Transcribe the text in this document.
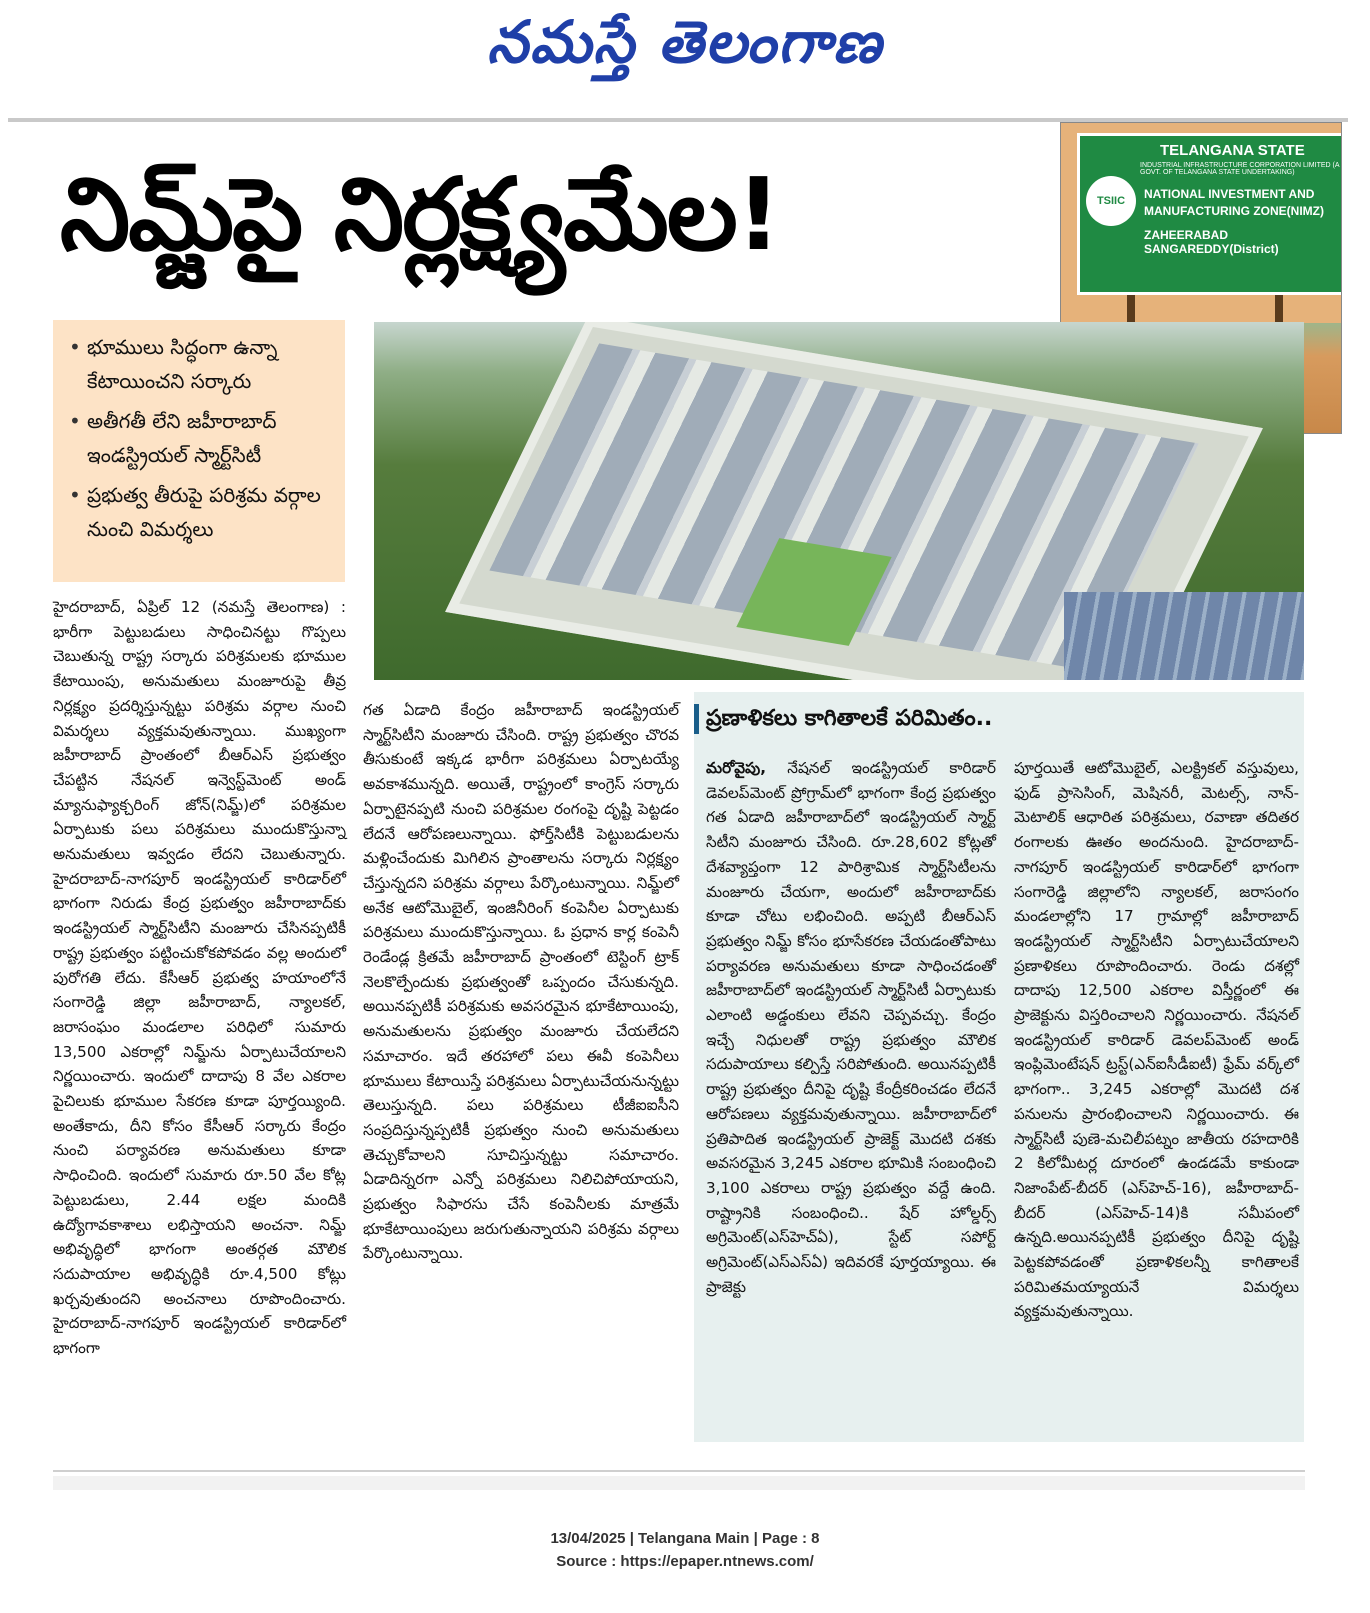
నమస్తే తెలంగాణ
నిమ్జ్‌పై నిర్లక్ష్యమేల!	TSIIC
TELANGANA STATE
INDUSTRIAL INFRASTRUCTURE CORPORATION LIMITED (A GOVT. OF TELANGANA STATE UNDERTAKING)
NATIONAL INVESTMENT AND MANUFACTURING ZONE(NIMZ)
ZAHEERABAD SANGAREDDY(District)
• భూములు సిద్ధంగా ఉన్నా కేటాయించని సర్కారు
• అతీగతీ లేని జహీరాబాద్ ఇండస్ట్రియల్ స్మార్ట్‌సిటీ
• ప్రభుత్వ తీరుపై పరిశ్రమ వర్గాల నుంచి విమర్శలు
హైదరాబాద్, ఏప్రిల్ 12 (నమస్తే తెలంగాణ) : భారీగా పెట్టుబడులు సాధించినట్టు గొప్పలు చెబుతున్న రాష్ట్ర సర్కారు పరిశ్రమలకు భూముల కేటాయింపు, అనుమతులు మంజూరుపై తీవ్ర నిర్లక్ష్యం ప్రదర్శిస్తున్నట్టు పరిశ్రమ వర్గాల నుంచి విమర్శలు వ్యక్తమవుతున్నాయి. ముఖ్యంగా జహీరాబాద్ ప్రాంతంలో బీఆర్‌ఎస్ ప్రభుత్వం చేపట్టిన నేషనల్ ఇన్వెస్ట్‌మెంట్ అండ్ మ్యానుఫ్యాక్చరింగ్ జోన్(నిమ్జ్)లో పరిశ్రమల ఏర్పాటుకు పలు పరిశ్రమలు ముందుకొస్తున్నా అనుమతులు ఇవ్వడం లేదని చెబుతున్నారు. హైదరాబాద్-నాగపూర్ ఇండస్ట్రియల్ కారిడార్‌లో భాగంగా నిరుడు కేంద్ర ప్రభుత్వం జహీరాబాద్‌కు ఇండస్ట్రియల్ స్మార్ట్‌సిటీని మంజూరు చేసినప్పటికీ రాష్ట్ర ప్రభుత్వం పట్టించుకోకపోవడం వల్ల అందులో పురోగతి లేదు. కేసీఆర్ ప్రభుత్వ హయాంలోనే సంగారెడ్డి జిల్లా జహీరాబాద్, న్యాలకల్, జరాసంఘం మండలాల పరిధిలో సుమారు 13,500 ఎకరాల్లో నిమ్జ్‌ను ఏర్పాటుచేయాలని నిర్ణయించారు. ఇందులో దాదాపు 8 వేల ఎకరాల పైచిలుకు భూముల సేకరణ కూడా పూర్తయ్యింది. అంతేకాదు, దీని కోసం కేసీఆర్ సర్కారు కేంద్రం నుంచి పర్యావరణ అనుమతులు కూడా సాధించింది. ఇందులో సుమారు రూ.50 వేల కోట్ల పెట్టుబడులు, 2.44 లక్షల మందికి ఉద్యోగావకాశాలు లభిస్తాయని అంచనా. నిమ్జ్ అభివృద్ధిలో భాగంగా అంతర్గత మౌలిక సదుపాయాల అభివృద్ధికి రూ.4,500 కోట్లు ఖర్చవుతుందని అంచనాలు రూపొందించారు. హైదరాబాద్-నాగపూర్ ఇండస్ట్రియల్ కారిడార్‌లో భాగంగా
గత ఏడాది కేంద్రం జహీరాబాద్ ఇండస్ట్రియల్ స్మార్ట్‌సిటీని మంజూరు చేసింది. రాష్ట్ర ప్రభుత్వం చొరవ తీసుకుంటే ఇక్కడ భారీగా పరిశ్రమలు ఏర్పాటయ్యే అవకాశమున్నది. అయితే, రాష్ట్రంలో కాంగ్రెస్ సర్కారు ఏర్పాటైనప్పటి నుంచి పరిశ్రమల రంగంపై దృష్టి పెట్టడం లేదనే ఆరోపణలున్నాయి. ఫోర్త్‌సిటీకి పెట్టుబడులను మళ్లించేందుకు మిగిలిన ప్రాంతాలను సర్కారు నిర్లక్ష్యం చేస్తున్నదని పరిశ్రమ వర్గాలు పేర్కొంటున్నాయి. నిమ్జ్‌లో అనేక ఆటోమొబైల్, ఇంజినీరింగ్ కంపెనీల ఏర్పాటుకు పరిశ్రమలు ముందుకొస్తున్నాయి. ఓ ప్రధాన కార్ల కంపెనీ రెండేండ్ల క్రితమే జహీరాబాద్ ప్రాంతంలో టెస్టింగ్ ట్రాక్ నెలకొల్పేందుకు ప్రభుత్వంతో ఒప్పందం చేసుకున్నది. అయినప్పటికీ పరిశ్రమకు అవసరమైన భూకేటాయింపు, అనుమతులను ప్రభుత్వం మంజూరు చేయలేదని సమాచారం. ఇదే తరహాలో పలు ఈవీ కంపెనీలు భూములు కేటాయిస్తే పరిశ్రమలు ఏర్పాటుచేయనున్నట్టు తెలుస్తున్నది. పలు పరిశ్రమలు టీజీఐఐసీని సంప్రదిస్తున్నప్పటికీ ప్రభుత్వం నుంచి అనుమతులు తెచ్చుకోవాలని సూచిస్తున్నట్టు సమాచారం. ఏడాదిన్నరగా ఎన్నో పరిశ్రమలు నిలిచిపోయాయని, ప్రభుత్వం సిఫారసు చేసే కంపెనీలకు మాత్రమే భూకేటాయింపులు జరుగుతున్నాయని పరిశ్రమ వర్గాలు పేర్కొంటున్నాయి.
ప్రణాళికలు కాగితాలకే పరిమితం..
మరోవైపు, నేషనల్ ఇండస్ట్రియల్ కారిడార్ డెవలప్‌మెంట్ ప్రోగ్రామ్‌లో భాగంగా కేంద్ర ప్రభుత్వం గత ఏడాది జహీరాబాద్‌లో ఇండస్ట్రియల్ స్మార్ట్ సిటీని మంజూరు చేసింది. రూ.28,602 కోట్లతో దేశవ్యాప్తంగా 12 పారిశ్రామిక స్మార్ట్‌సిటీలను మంజూరు చేయగా, అందులో జహీరాబాద్‌కు కూడా చోటు లభించింది. అప్పటి బీఆర్‌ఎస్ ప్రభుత్వం నిమ్జ్ కోసం భూసేకరణ చేయడంతోపాటు పర్యావరణ అనుమతులు కూడా సాధించడంతో జహీరాబాద్‌లో ఇండస్ట్రియల్ స్మార్ట్‌సిటీ ఏర్పాటుకు ఎలాంటి అడ్డంకులు లేవని చెప్పవచ్చు. కేంద్రం ఇచ్చే నిధులతో రాష్ట్ర ప్రభుత్వం మౌలిక సదుపాయాలు కల్పిస్తే సరిపోతుంది. అయినప్పటికీ రాష్ట్ర ప్రభుత్వం దీనిపై దృష్టి కేంద్రీకరించడం లేదనే ఆరోపణలు వ్యక్తమవుతున్నాయి. జహీరాబాద్‌లో ప్రతిపాదిత ఇండస్ట్రియల్ ప్రాజెక్ట్ మొదటి దశకు అవసరమైన 3,245 ఎకరాల భూమికి సంబంధించి 3,100 ఎకరాలు రాష్ట్ర ప్రభుత్వం వద్దే ఉంది. రాష్ట్రానికి సంబంధించి.. షేర్ హోల్డర్స్ అగ్రిమెంట్(ఎస్‌హెచ్‌ఏ), స్టేట్ సపోర్ట్ అగ్రిమెంట్(ఎస్‌ఎస్‌ఏ) ఇదివరకే పూర్తయ్యాయి. ఈ ప్రాజెక్టు
పూర్తయితే ఆటోమొబైల్, ఎలక్ట్రికల్ వస్తువులు, ఫుడ్ ప్రాసెసింగ్, మెషినరీ, మెటల్స్, నాన్-మెటాలిక్ ఆధారిత పరిశ్రమలు, రవాణా తదితర రంగాలకు ఊతం అందనుంది. హైదరాబాద్-నాగపూర్ ఇండస్ట్రియల్ కారిడార్‌లో భాగంగా సంగారెడ్డి జిల్లాలోని న్యాలకల్, జరాసంగం మండలాల్లోని 17 గ్రామాల్లో జహీరాబాద్ ఇండస్ట్రియల్ స్మార్ట్‌సిటీని ఏర్పాటుచేయాలని ప్రణాళికలు రూపొందించారు. రెండు దశల్లో దాదాపు 12,500 ఎకరాల విస్తీర్ణంలో ఈ ప్రాజెక్టును విస్తరించాలని నిర్ణయించారు. నేషనల్ ఇండస్ట్రియల్ కారిడార్ డెవలప్‌మెంట్ అండ్ ఇంప్లిమెంటేషన్ ట్రస్ట్(ఎన్‌ఐసీడీఐటీ) ఫ్రేమ్ వర్క్‌లో భాగంగా.. 3,245 ఎకరాల్లో మొదటి దశ పనులను ప్రారంభించాలని నిర్ణయించారు. ఈ స్మార్ట్‌సిటీ పుణె-మచిలీపట్నం జాతీయ రహదారికి 2 కిలోమీటర్ల దూరంలో ఉండడమే కాకుండా నిజాంపేట్-బీదర్ (ఎస్‌హెచ్-16), జహీరాబాద్-బీదర్ (ఎస్‌హెచ్-14)కి సమీపంలో ఉన్నది.అయినప్పటికీ ప్రభుత్వం దీనిపై దృష్టి పెట్టకపోవడంతో ప్రణాళికలన్నీ కాగితాలకే పరిమితమయ్యాయనే విమర్శలు వ్యక్తమవుతున్నాయి.
13/04/2025 | Telangana Main | Page : 8
Source : https://epaper.ntnews.com/
